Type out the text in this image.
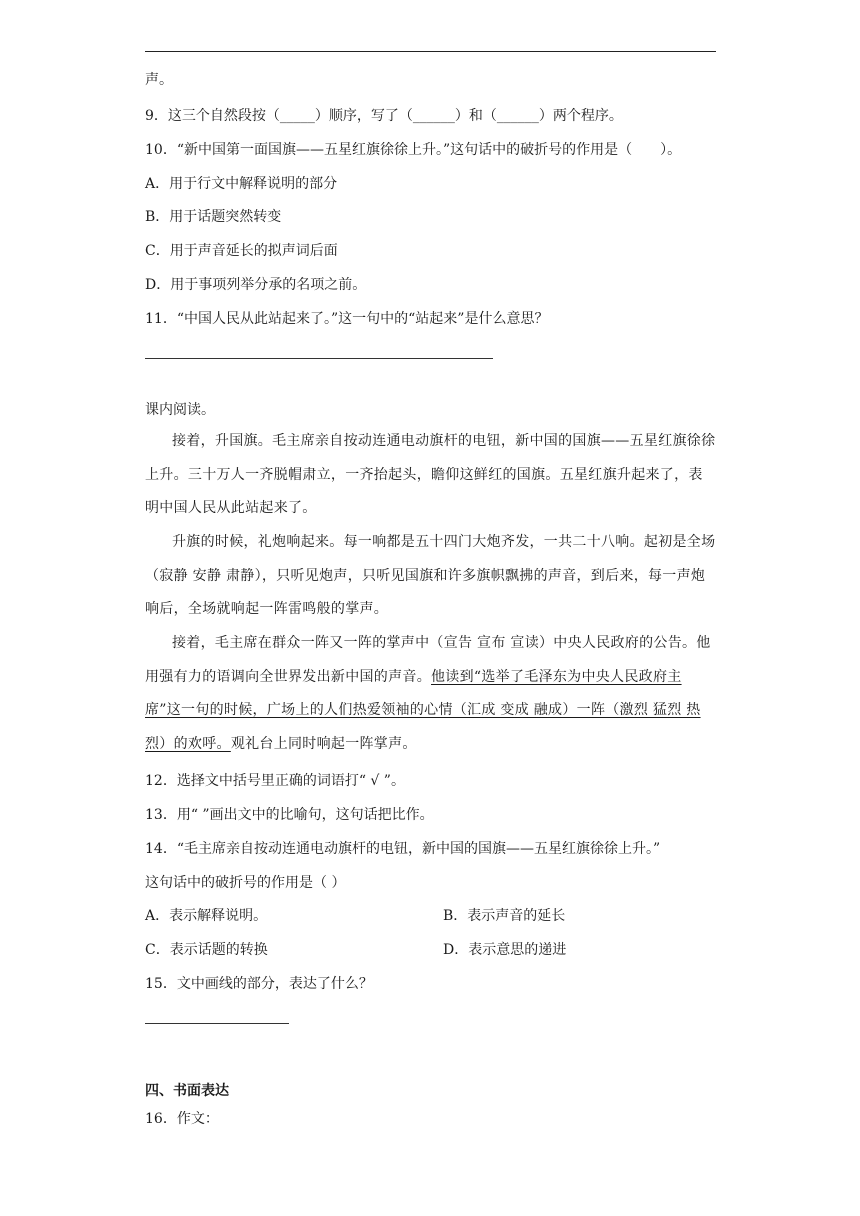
声。
9．这三个自然段按（_____）顺序，写了（______）和（______）两个程序。
10．“新中国第一面国旗——五星红旗徐徐上升。”这句话中的破折号的作用是（　　）。
A．用于行文中解释说明的部分
B．用于话题突然转变
C．用于声音延长的拟声词后面
D．用于事项列举分承的名项之前。
11．“中国人民从此站起来了。”这一句中的“站起来”是什么意思？
课内阅读。
接着，升国旗。毛主席亲自按动连通电动旗杆的电钮，新中国的国旗——五星红旗徐徐上升。三十万人一齐脱帽肃立，一齐抬起头，瞻仰这鲜红的国旗。五星红旗升起来了，表明中国人民从此站起来了。
升旗的时候，礼炮响起来。每一响都是五十四门大炮齐发，一共二十八响。起初是全场（寂静 安静 肃静），只听见炮声，只听见国旗和许多旗帜飘拂的声音，到后来，每一声炮响后，全场就响起一阵雷鸣般的掌声。
接着，毛主席在群众一阵又一阵的掌声中（宣告 宣布 宣读）中央人民政府的公告。他用强有力的语调向全世界发出新中国的声音。他读到“选举了毛泽东为中央人民政府主席”这一句的时候，广场上的人们热爱领袖的心情（汇成 变成 融成）一阵（激烈 猛烈 热烈）的欢呼。观礼台上同时响起一阵掌声。
12．选择文中括号里正确的词语打“ √ ”。
13．用“ ”画出文中的比喻句，这句话把比作。
14．“毛主席亲自按动连通电动旗杆的电钮，新中国的国旗——五星红旗徐徐上升。”
这句话中的破折号的作用是（ ）
A．表示解释说明。	B．表示声音的延长
C．表示话题的转换	D．表示意思的递进
15．文中画线的部分，表达了什么？
四、书面表达
16．作文：
